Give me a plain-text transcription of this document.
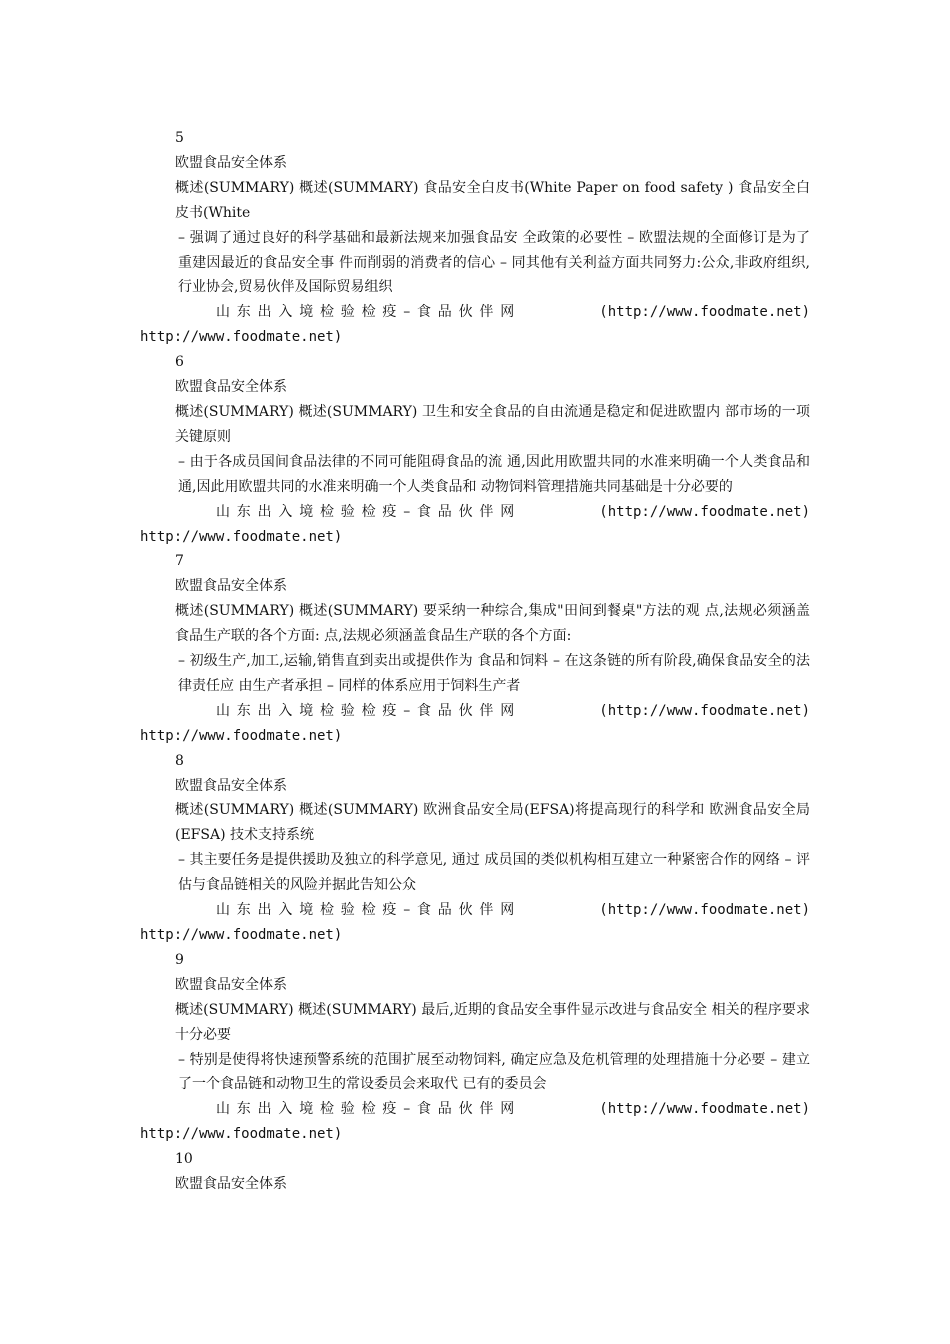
5
欧盟食品安全体系
概述(SUMMARY) 概述(SUMMARY) 食品安全白皮书(White Paper on food safety ) 食品安全白皮书(White
– 强调了通过良好的科学基础和最新法规来加强食品安 全政策的必要性 – 欧盟法规的全面修订是为了重建因最近的食品安全事 件而削弱的消费者的信心 – 同其他有关利益方面共同努力:公众,非政府组织, 行业协会,贸易伙伴及国际贸易组织
山东出入境检验检疫–食品伙伴网	(http://www.foodmate.net)
http://www.foodmate.net)
6
欧盟食品安全体系
概述(SUMMARY) 概述(SUMMARY) 卫生和安全食品的自由流通是稳定和促进欧盟内 部市场的一项关键原则
– 由于各成员国间食品法律的不同可能阻碍食品的流 通,因此用欧盟共同的水准来明确一个人类食品和 通,因此用欧盟共同的水准来明确一个人类食品和 动物饲料管理措施共同基础是十分必要的
山东出入境检验检疫–食品伙伴网	(http://www.foodmate.net)
http://www.foodmate.net)
7
欧盟食品安全体系
概述(SUMMARY) 概述(SUMMARY) 要采纳一种综合,集成"田间到餐桌"方法的观 点,法规必须涵盖食品生产联的各个方面: 点,法规必须涵盖食品生产联的各个方面:
– 初级生产,加工,运输,销售直到卖出或提供作为 食品和饲料 – 在这条链的所有阶段,确保食品安全的法律责任应 由生产者承担 – 同样的体系应用于饲料生产者
山东出入境检验检疫–食品伙伴网	(http://www.foodmate.net)
http://www.foodmate.net)
8
欧盟食品安全体系
概述(SUMMARY) 概述(SUMMARY) 欧洲食品安全局(EFSA)将提高现行的科学和 欧洲食品安全局(EFSA) 技术支持系统
– 其主要任务是提供援助及独立的科学意见, 通过 成员国的类似机构相互建立一种紧密合作的网络 – 评估与食品链相关的风险并据此告知公众
山东出入境检验检疫–食品伙伴网	(http://www.foodmate.net)
http://www.foodmate.net)
9
欧盟食品安全体系
概述(SUMMARY) 概述(SUMMARY) 最后,近期的食品安全事件显示改进与食品安全 相关的程序要求十分必要
– 特别是使得将快速预警系统的范围扩展至动物饲料, 确定应急及危机管理的处理措施十分必要 – 建立了一个食品链和动物卫生的常设委员会来取代 已有的委员会
山东出入境检验检疫–食品伙伴网	(http://www.foodmate.net)
http://www.foodmate.net)
10
欧盟食品安全体系
